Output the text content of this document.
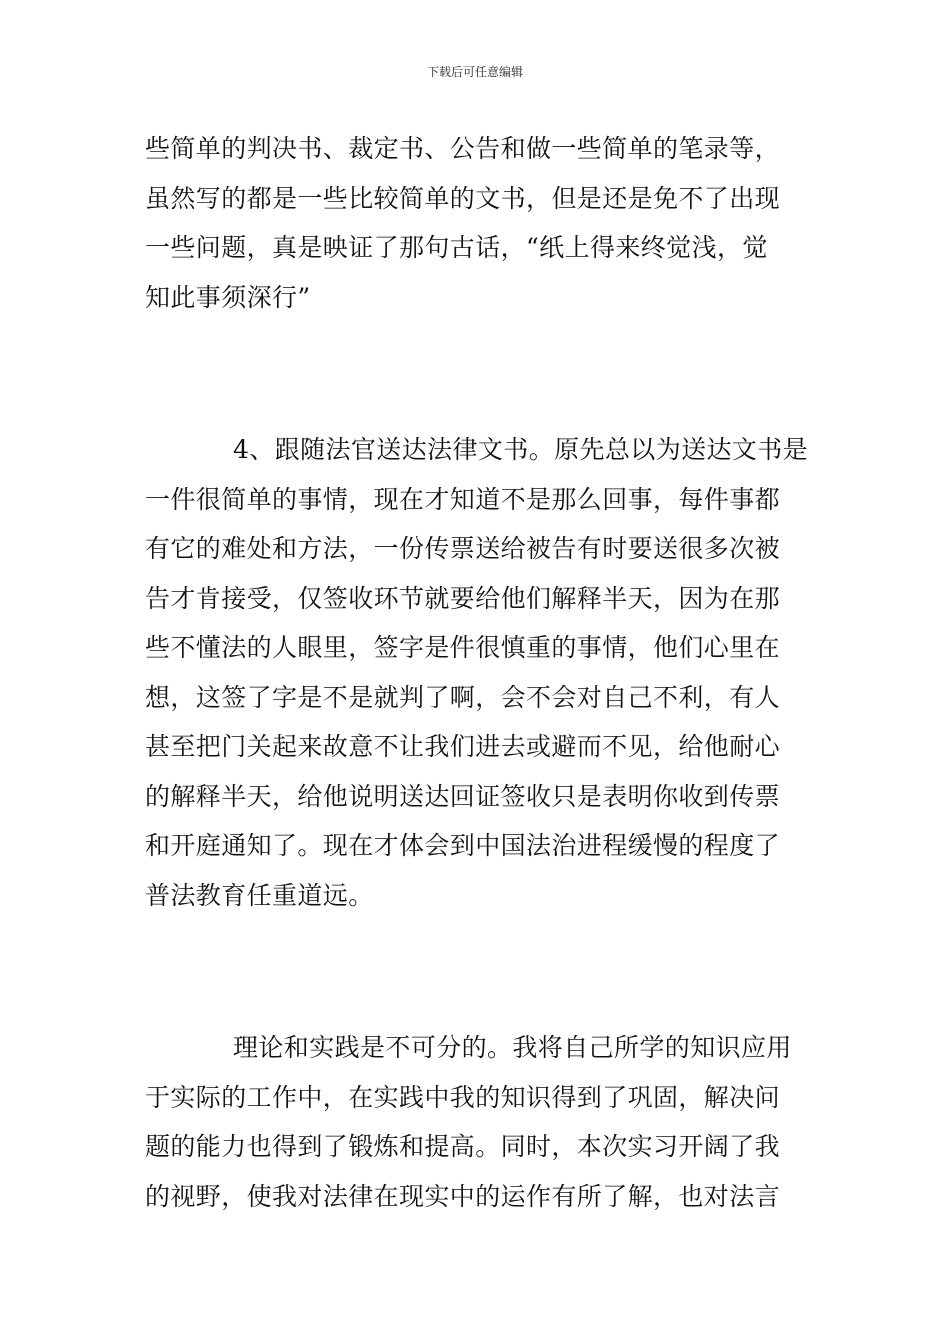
下载后可任意编辑

些简单的判决书、裁定书、公告和做一些简单的笔录等，
虽然写的都是一些比较简单的文书，但是还是免不了出现
一些问题，真是映证了那句古话，“纸上得来终觉浅，觉
知此事须深行”

4、跟随法官送达法律文书。原先总以为送达文书是
一件很简单的事情，现在才知道不是那么回事，每件事都
有它的难处和方法，一份传票送给被告有时要送很多次被
告才肯接受，仅签收环节就要给他们解释半天，因为在那
些不懂法的人眼里，签字是件很慎重的事情，他们心里在
想，这签了字是不是就判了啊，会不会对自己不利，有人
甚至把门关起来故意不让我们进去或避而不见，给他耐心
的解释半天，给他说明送达回证签收只是表明你收到传票
和开庭通知了。现在才体会到中国法治进程缓慢的程度了
普法教育任重道远。

理论和实践是不可分的。我将自己所学的知识应用
于实际的工作中，在实践中我的知识得到了巩固，解决问
题的能力也得到了锻炼和提高。同时，本次实习开阔了我
的视野，使我对法律在现实中的运作有所了解，也对法言
